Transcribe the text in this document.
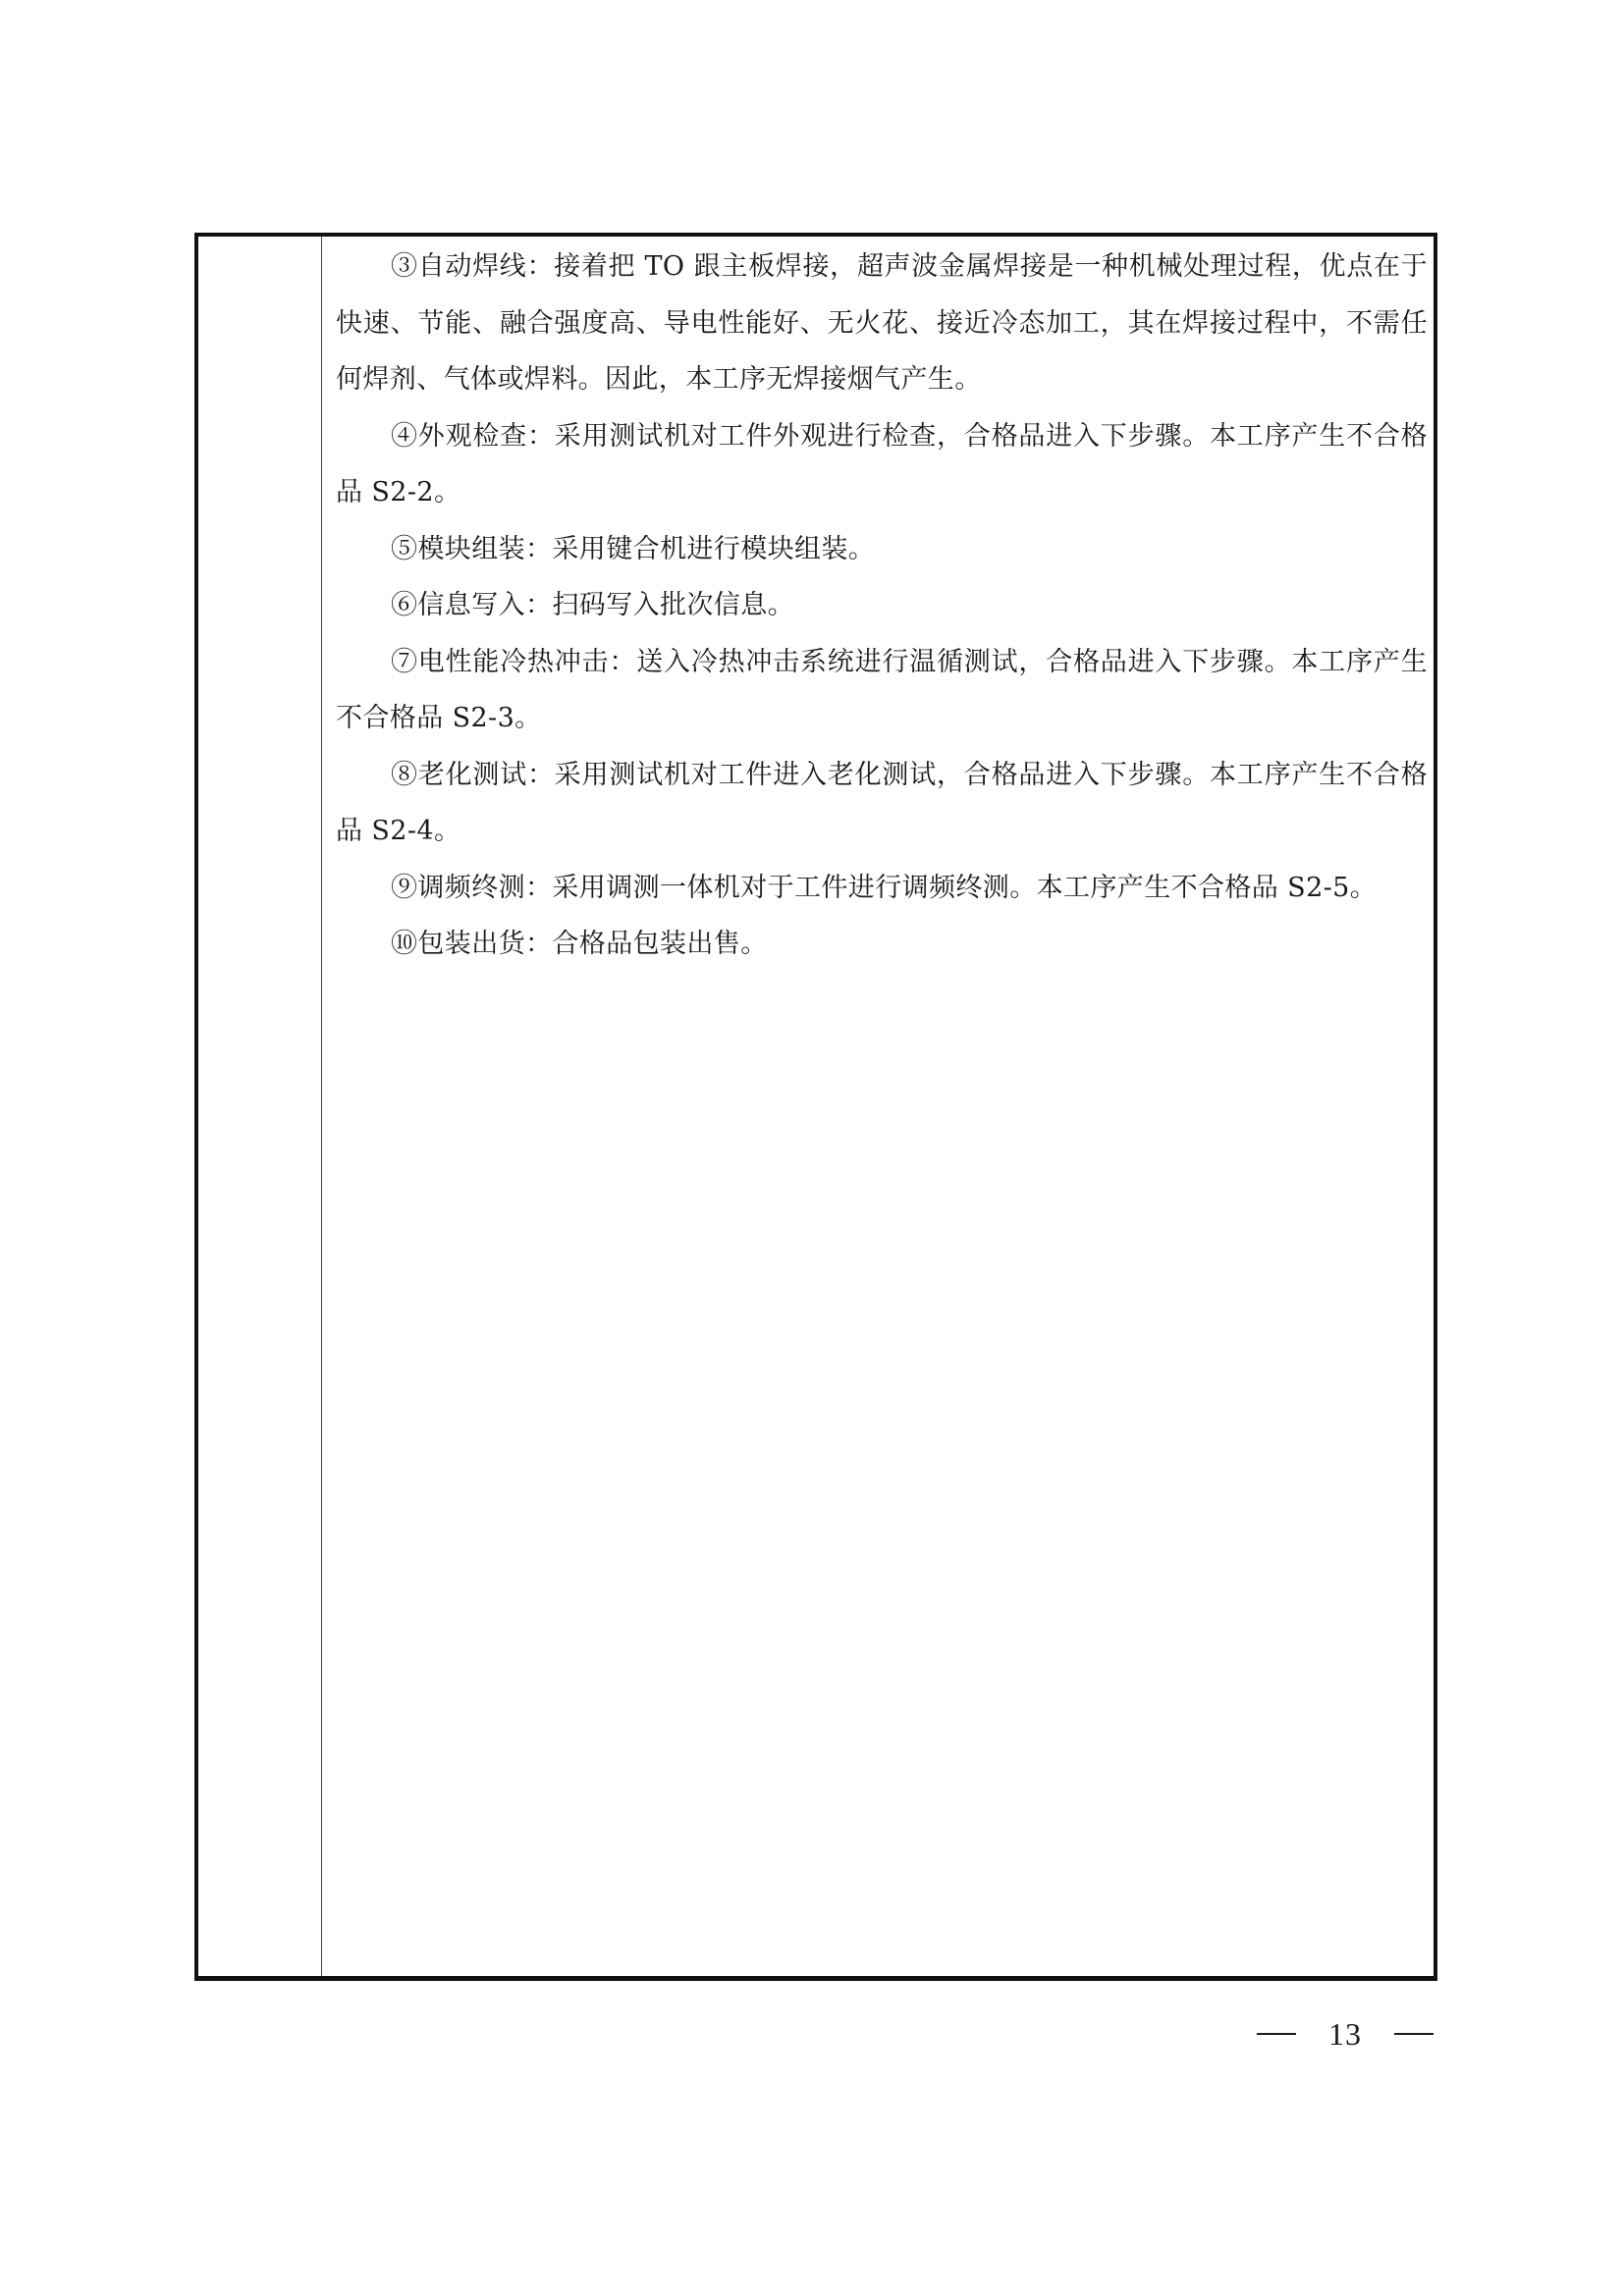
③自动焊线：接着把 TO 跟主板焊接，超声波金属焊接是一种机械处理过程，优点在于快速、节能、融合强度高、导电性能好、无火花、接近冷态加工，其在焊接过程中，不需任何焊剂、气体或焊料。因此，本工序无焊接烟气产生。

④外观检查：采用测试机对工件外观进行检查，合格品进入下步骤。本工序产生不合格品 S2-2。

⑤模块组装：采用键合机进行模块组装。

⑥信息写入：扫码写入批次信息。

⑦电性能冷热冲击：送入冷热冲击系统进行温循测试，合格品进入下步骤。本工序产生不合格品 S2-3。

⑧老化测试：采用测试机对工件进入老化测试，合格品进入下步骤。本工序产生不合格品 S2-4。

⑨调频终测：采用调测一体机对于工件进行调频终测。本工序产生不合格品 S2-5。

⑩包装出货：合格品包装出售。

13
